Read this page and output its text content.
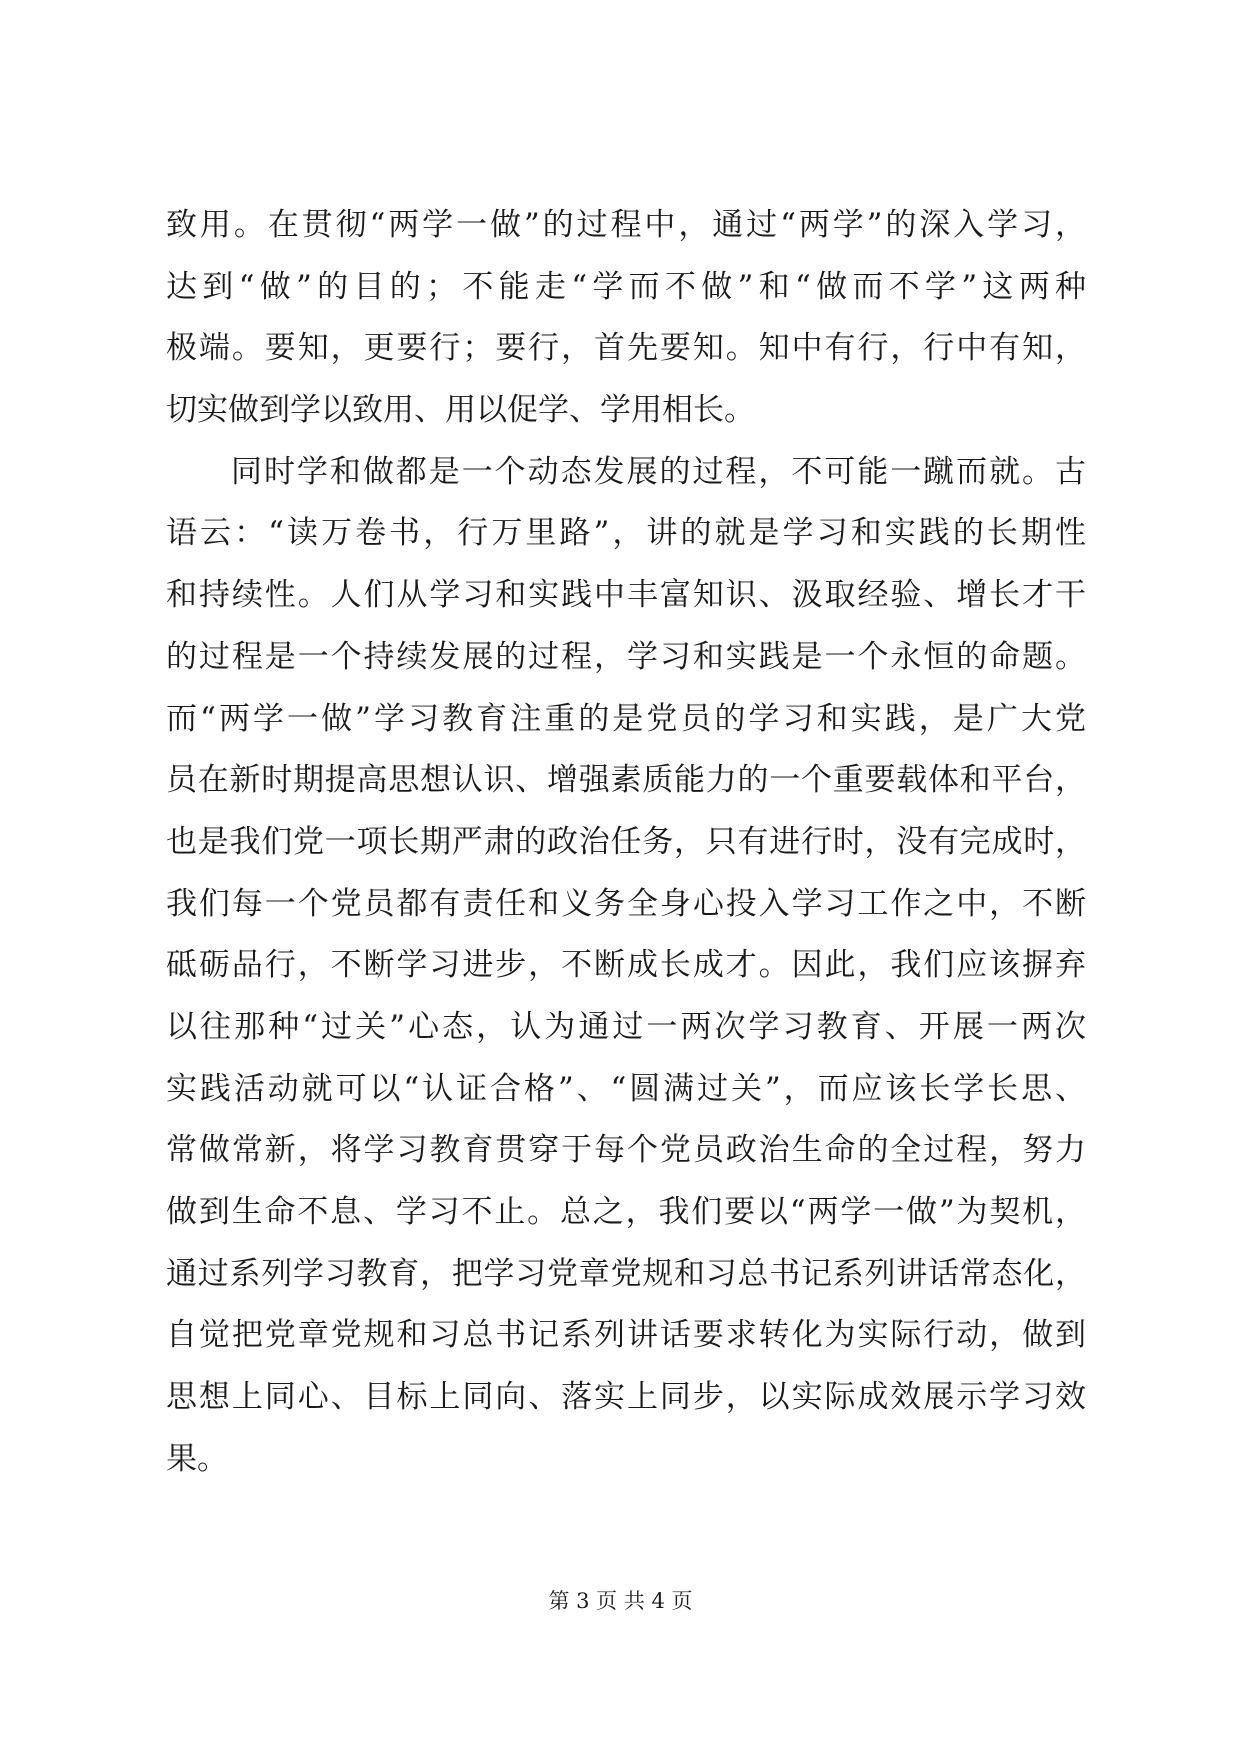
致用。在贯彻“两学一做”的过程中，通过“两学”的深入学习，
达到“做”的目的；不能走“学而不做”和“做而不学”这两种
极端。要知，更要行；要行，首先要知。知中有行，行中有知，
切实做到学以致用、用以促学、学用相长。
同时学和做都是一个动态发展的过程，不可能一蹴而就。古
语云：“读万卷书，行万里路”，讲的就是学习和实践的长期性
和持续性。人们从学习和实践中丰富知识、汲取经验、增长才干
的过程是一个持续发展的过程，学习和实践是一个永恒的命题。
而“两学一做”学习教育注重的是党员的学习和实践，是广大党
员在新时期提高思想认识、增强素质能力的一个重要载体和平台，
也是我们党一项长期严肃的政治任务，只有进行时，没有完成时，
我们每一个党员都有责任和义务全身心投入学习工作之中，不断
砥砺品行，不断学习进步，不断成长成才。因此，我们应该摒弃
以往那种“过关”心态，认为通过一两次学习教育、开展一两次
实践活动就可以“认证合格”、“圆满过关”，而应该长学长思、
常做常新，将学习教育贯穿于每个党员政治生命的全过程，努力
做到生命不息、学习不止。总之，我们要以“两学一做”为契机，
通过系列学习教育，把学习党章党规和习总书记系列讲话常态化，
自觉把党章党规和习总书记系列讲话要求转化为实际行动，做到
思想上同心、目标上同向、落实上同步，以实际成效展示学习效
果。
第 3 页 共 4 页
